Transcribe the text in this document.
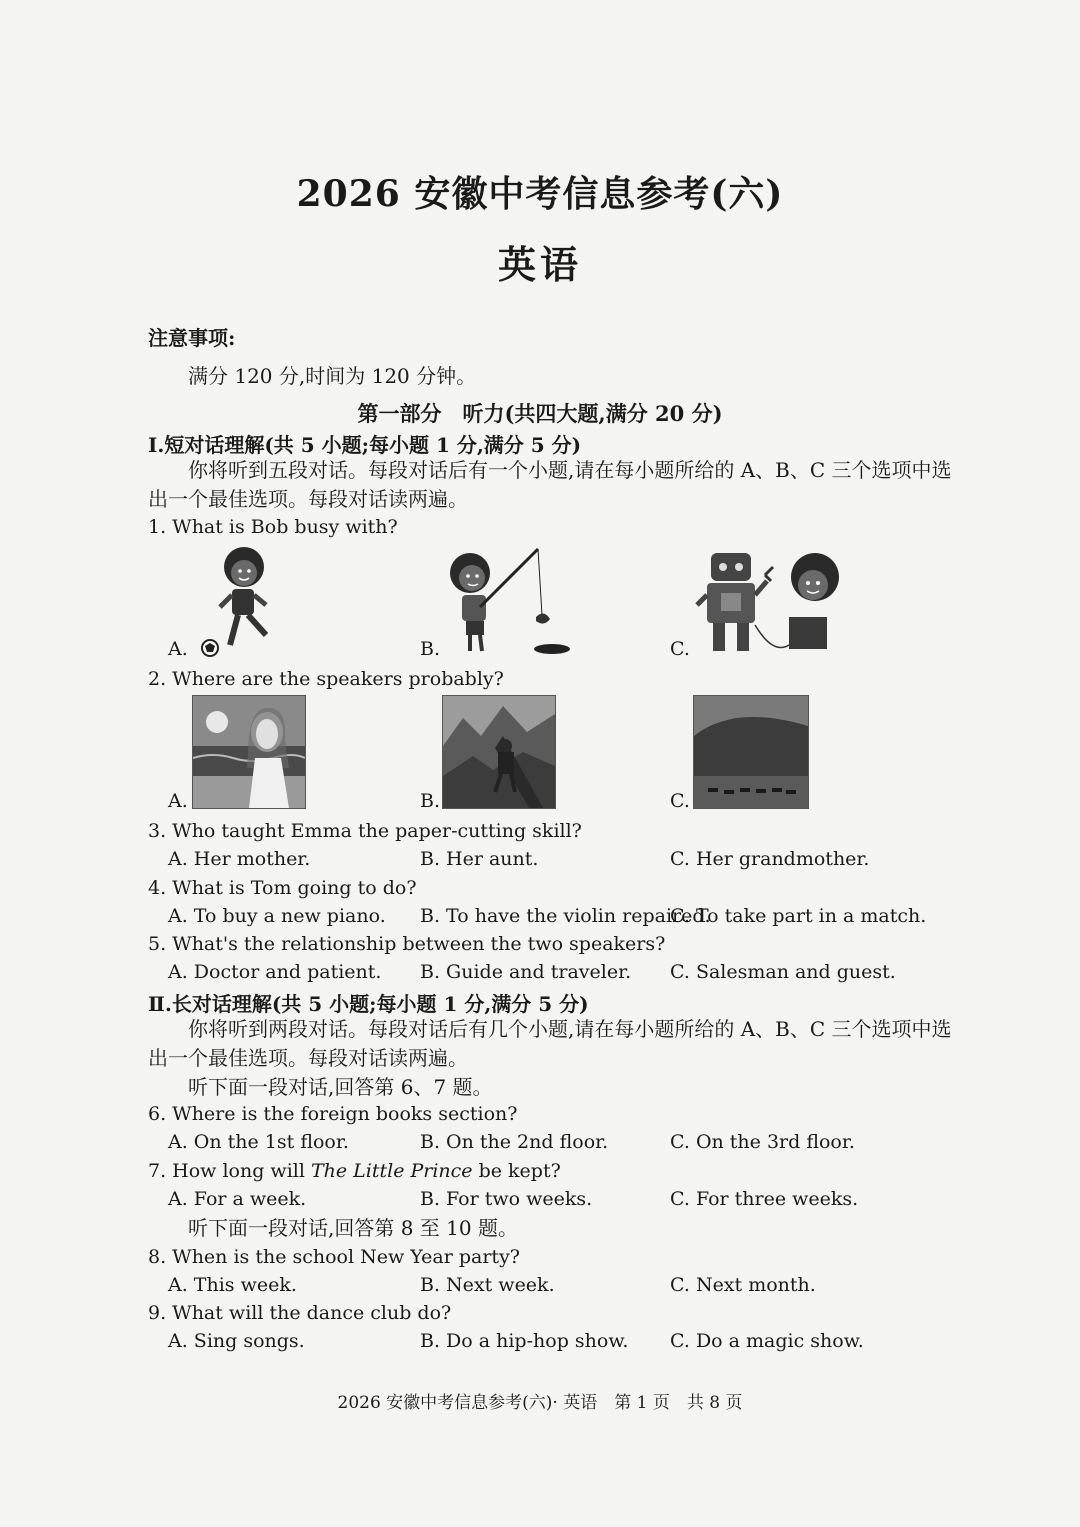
2026 安徽中考信息参考(六)
英语
注意事项:
满分 120 分,时间为 120 分钟。
第一部分　听力(共四大题,满分 20 分)
Ⅰ.短对话理解(共 5 小题;每小题 1 分,满分 5 分)
你将听到五段对话。每段对话后有一个小题,请在每小题所给的 A、B、C 三个选项中选
出一个最佳选项。每段对话读两遍。
1. What is Bob busy with?
A.	B.	C.
2. Where are the speakers probably?
A.	B.	C.
3. Who taught Emma the paper-cutting skill?
A. Her mother.	B. Her aunt.	C. Her grandmother.
4. What is Tom going to do?
A. To buy a new piano. B. To have the violin repaired.
C. To take part in a match.
5. What's the relationship between the two speakers?
A. Doctor and patient. B. Guide and traveler. C. Salesman and guest.
Ⅱ.长对话理解(共 5 小题;每小题 1 分,满分 5 分)
你将听到两段对话。每段对话后有几个小题,请在每小题所给的 A、B、C 三个选项中选
出一个最佳选项。每段对话读两遍。
听下面一段对话,回答第 6、7 题。
6. Where is the foreign books section?
A. On the 1st floor.	B. On the 2nd floor.	C. On the 3rd floor.
7. How long will The Little Prince be kept?
A. For a week.	B. For two weeks.	C. For three weeks.
听下面一段对话,回答第 8 至 10 题。
8. When is the school New Year party?
A. This week.	B. Next week.	C. Next month.
9. What will the dance club do?
A. Sing songs.	B. Do a hip-hop show. C. Do a magic show.
2026 安徽中考信息参考(六)· 英语　第 1 页　共 8 页
